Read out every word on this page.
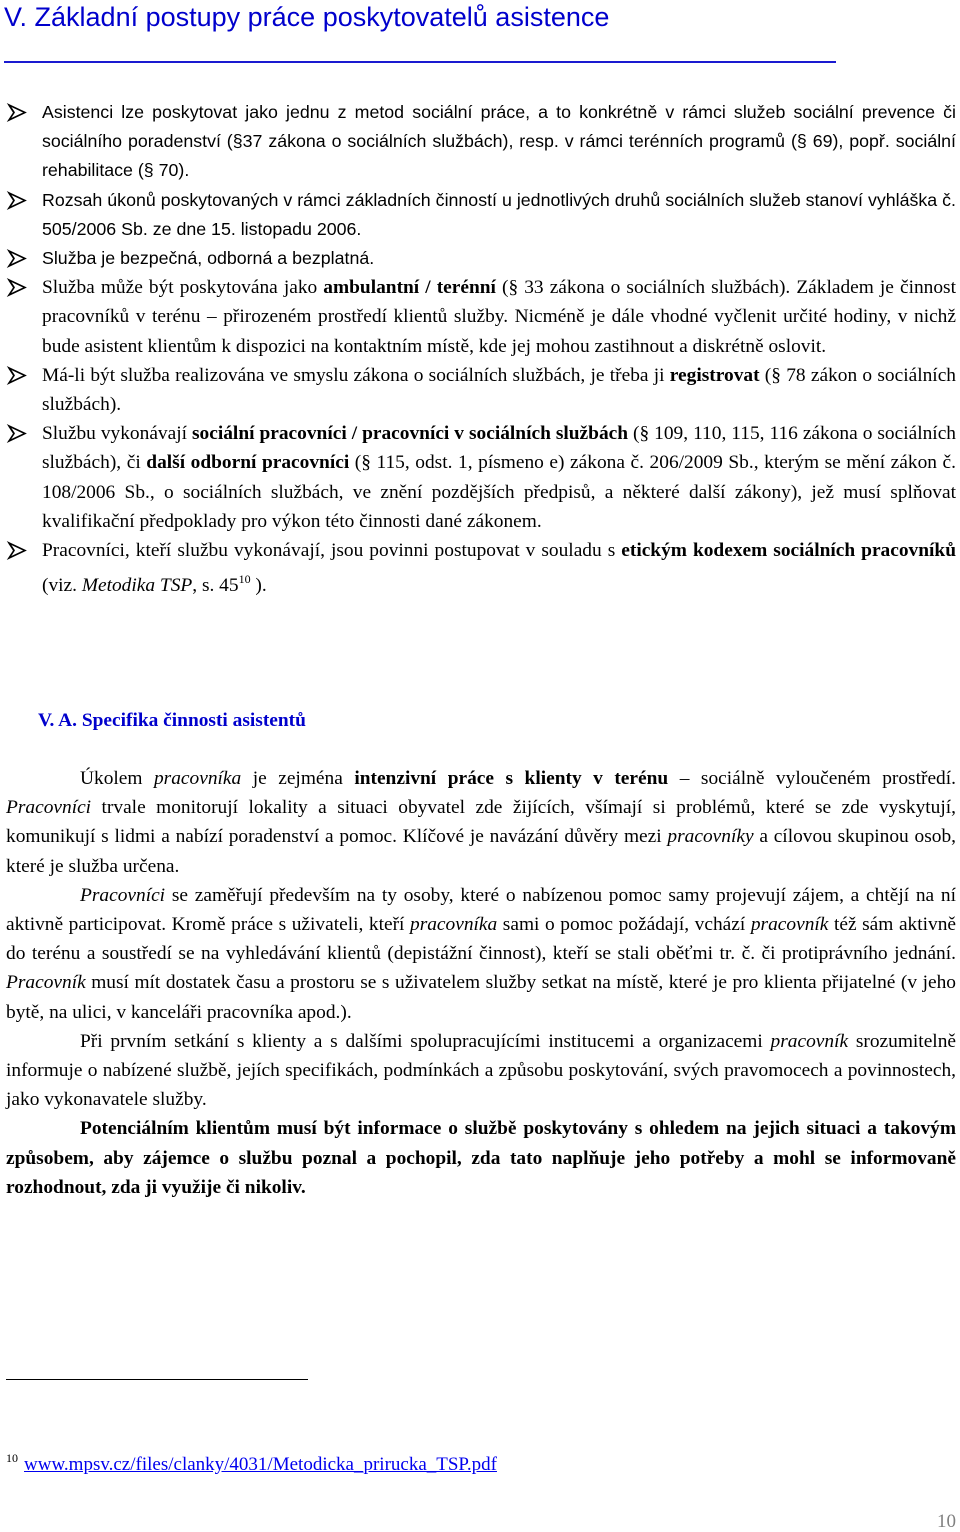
V. Základní postupy práce poskytovatelů asistence
Asistenci lze poskytovat jako jednu z metod sociální práce, a to konkrétně v rámci služeb sociální prevence či sociálního poradenství (§37 zákona o sociálních službách), resp. v rámci terénních programů (§ 69), popř. sociální rehabilitace (§ 70).
Rozsah úkonů poskytovaných v rámci základních činností u jednotlivých druhů sociálních služeb stanoví vyhláška č. 505/2006 Sb. ze dne 15. listopadu 2006.
Služba je bezpečná, odborná a bezplatná.
Služba může být poskytována jako ambulantní / terénní (§ 33 zákona o sociálních službách). Základem je činnost pracovníků v terénu – přirozeném prostředí klientů služby. Nicméně je dále vhodné vyčlenit určité hodiny, v nichž bude asistent klientům k dispozici na kontaktním místě, kde jej mohou zastihnout a diskrétně oslovit.
Má-li být služba realizována ve smyslu zákona o sociálních službách, je třeba ji registrovat (§ 78 zákon o sociálních službách).
Službu vykonávají sociální pracovníci / pracovníci v sociálních službách (§ 109, 110, 115, 116 zákona o sociálních službách), či další odborní pracovníci (§ 115, odst. 1, písmeno e) zákona č. 206/2009 Sb., kterým se mění zákon č. 108/2006 Sb., o sociálních službách, ve znění pozdějších předpisů, a některé další zákony), jež musí splňovat kvalifikační předpoklady pro výkon této činnosti dané zákonem.
Pracovníci, kteří službu vykonávají, jsou povinni postupovat v souladu s etickým kodexem sociálních pracovníků (viz. Metodika TSP, s. 45$^{10}$ ).
V. A. Specifika činnosti asistentů

Úkolem pracovníka je zejména intenzivní práce s klienty v terénu – sociálně vyloučeném prostředí. Pracovníci trvale monitorují lokality a situaci obyvatel zde žijících, všímají si problémů, které se zde vyskytují, komunikují s lidmi a nabízí poradenství a pomoc. Klíčové je navázání důvěry mezi pracovníky a cílovou skupinou osob, které je služba určena.

Pracovníci se zaměřují především na ty osoby, které o nabízenou pomoc samy projevují zájem, a chtějí na ní aktivně participovat. Kromě práce s uživateli, kteří pracovníka sami o pomoc požádají, vchází pracovník též sám aktivně do terénu a soustředí se na vyhledávání klientů (depistážní činnost), kteří se stali oběťmi tr. č. či protiprávního jednání. Pracovník musí mít dostatek času a prostoru se s uživatelem služby setkat na místě, které je pro klienta přijatelné (v jeho bytě, na ulici, v kanceláři pracovníka apod.).

Při prvním setkání s klienty a s dalšími spolupracujícími institucemi a organizacemi pracovník srozumitelně informuje o nabízené službě, jejích specifikách, podmínkách a způsobu poskytování, svých pravomocech a povinnostech, jako vykonavatele služby.

Potenciálním klientům musí být informace o službě poskytovány s ohledem na jejich situaci a takovým způsobem, aby zájemce o službu poznal a pochopil, zda tato naplňuje jeho potřeby a mohl se informovaně rozhodnout, zda ji využije či nikoliv.

$^{10}$ www.mpsv.cz/files/clanky/4031/Metodicka_prirucka_TSP.pdf
10
